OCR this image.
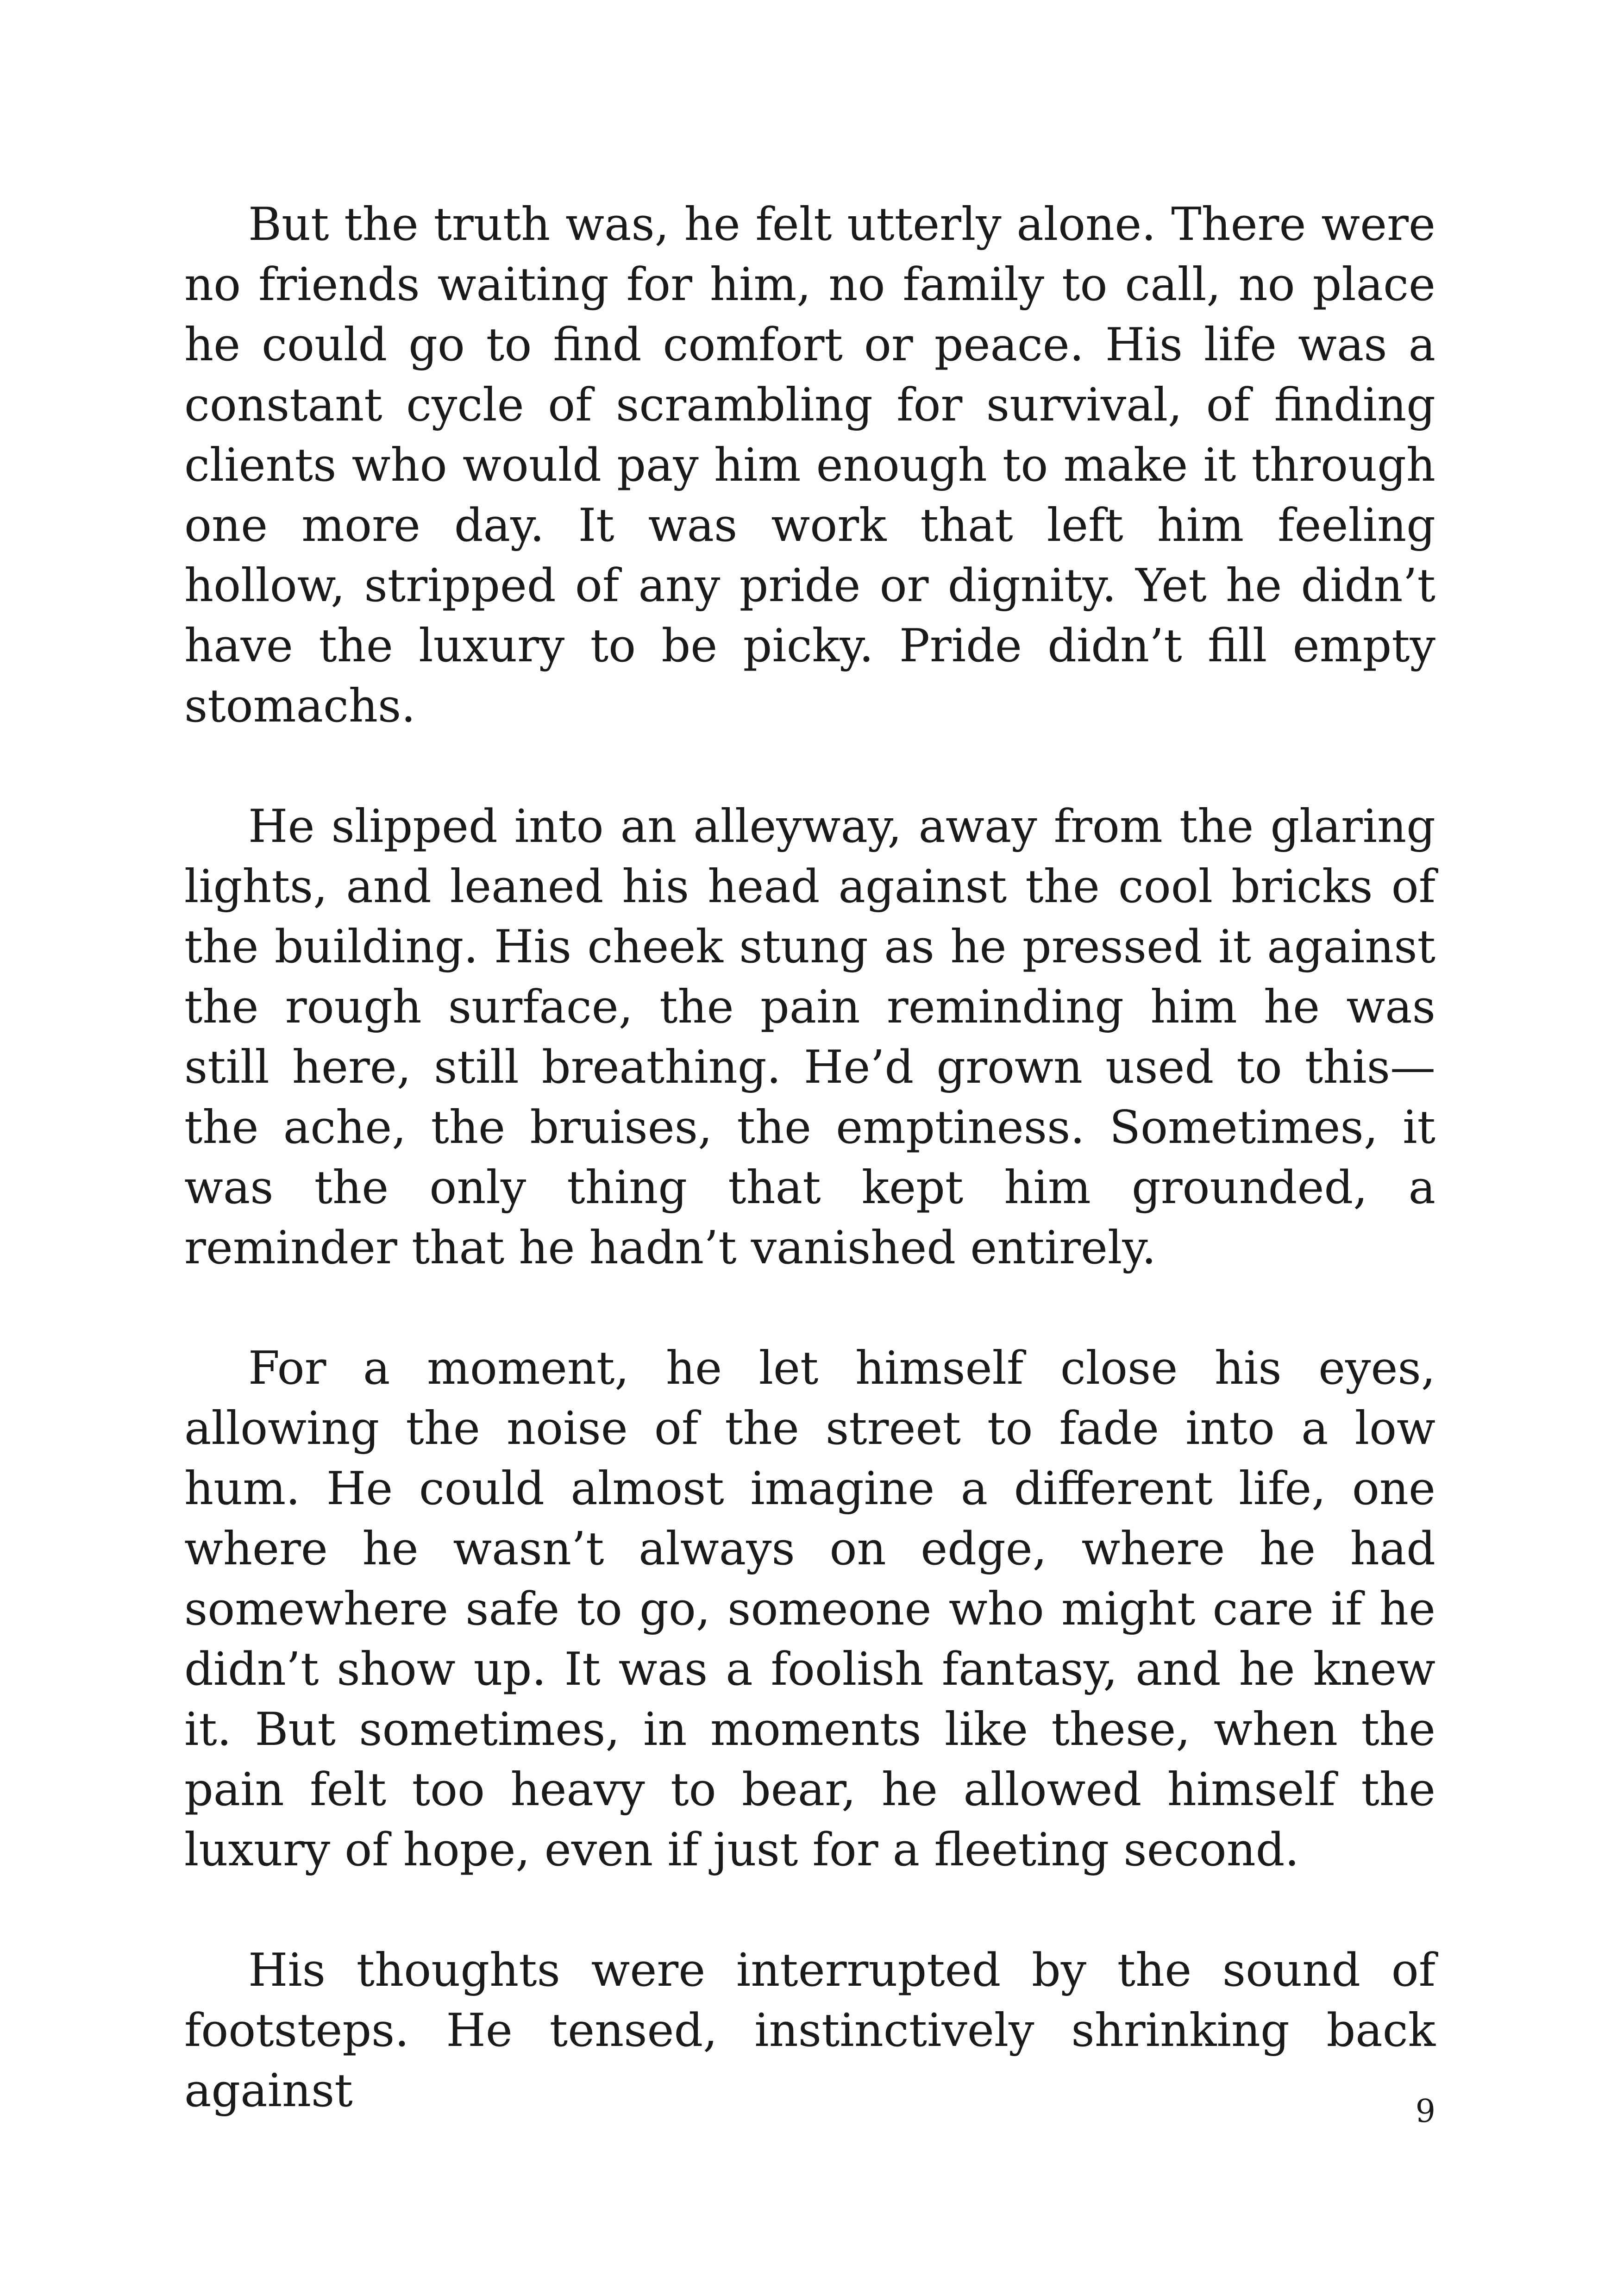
But the truth was, he felt utterly alone. There were no friends waiting for him, no family to call, no place he could go to find comfort or peace. His life was a constant cycle of scrambling for survival, of finding clients who would pay him enough to make it through one more day. It was work that left him feeling hollow, stripped of any pride or dignity. Yet he didn’t have the luxury to be picky. Pride didn’t fill empty stomachs.

He slipped into an alleyway, away from the glaring lights, and leaned his head against the cool bricks of the building. His cheek stung as he pressed it against the rough surface, the pain reminding him he was still here, still breathing. He’d grown used to this—the ache, the bruises, the emptiness. Sometimes, it was the only thing that kept him grounded, a reminder that he hadn’t vanished entirely.

For a moment, he let himself close his eyes, allowing the noise of the street to fade into a low hum. He could almost imagine a different life, one where he wasn’t always on edge, where he had somewhere safe to go, someone who might care if he didn’t show up. It was a foolish fantasy, and he knew it. But sometimes, in moments like these, when the pain felt too heavy to bear, he allowed himself the luxury of hope, even if just for a fleeting second.

His thoughts were interrupted by the sound of footsteps. He tensed, instinctively shrinking back against	9
